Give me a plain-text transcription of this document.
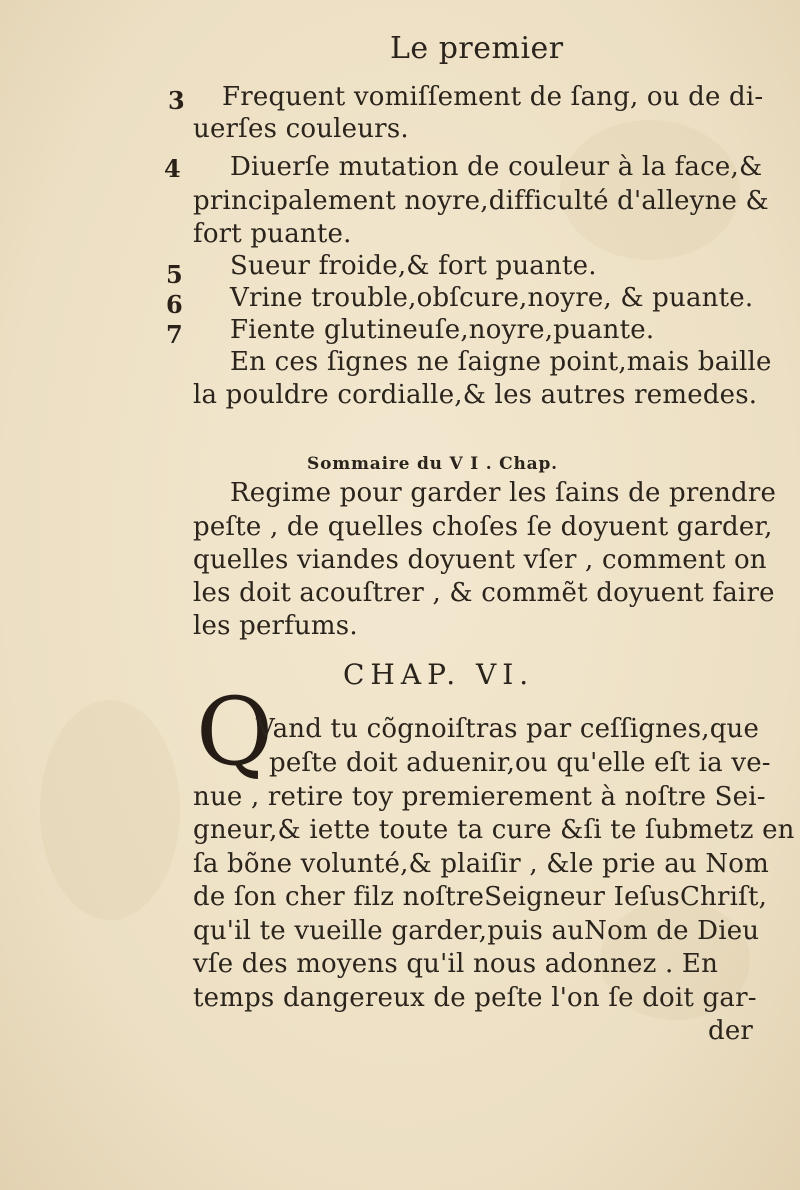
Le premier
3
4
5
6
7
Frequent vomiſſement de ſang, ou de di-
uerſes couleurs.
Diuerſe mutation de couleur à la face,&
principalement noyre,difficulté d'alleyne &
fort puante.
Sueur froide,& fort puante.
Vrine trouble,obſcure,noyre, & puante.
Fiente glutineuſe,noyre,puante.
En ces ſignes ne ſaigne point,mais baille
la pouldre cordialle,& les autres remedes.
Sommaire du V I . Chap.
Regime pour garder les ſains de prendre
peſte , de quelles choſes ſe doyuent garder,
quelles viandes doyuent vſer , comment on
les doit acouſtrer , & commẽt doyuent faire
les perfums.
CHAP. VI.
Q
Vand tu cõgnoiſtras par ceſſignes,que
peſte doit aduenir,ou qu'elle eſt ia ve-
nue , retire toy premierement à noſtre Sei-
gneur,& iette toute ta cure &ſi te ſubmetz en
ſa bõne volunté,& plaiſir , &le prie au Nom
de ſon cher filz noſtreSeigneur IeſusChriſt,
qu'il te vueille garder,puis auNom de Dieu
vſe des moyens qu'il nous adonnez . En
temps dangereux de peſte l'on ſe doit gar-
der
